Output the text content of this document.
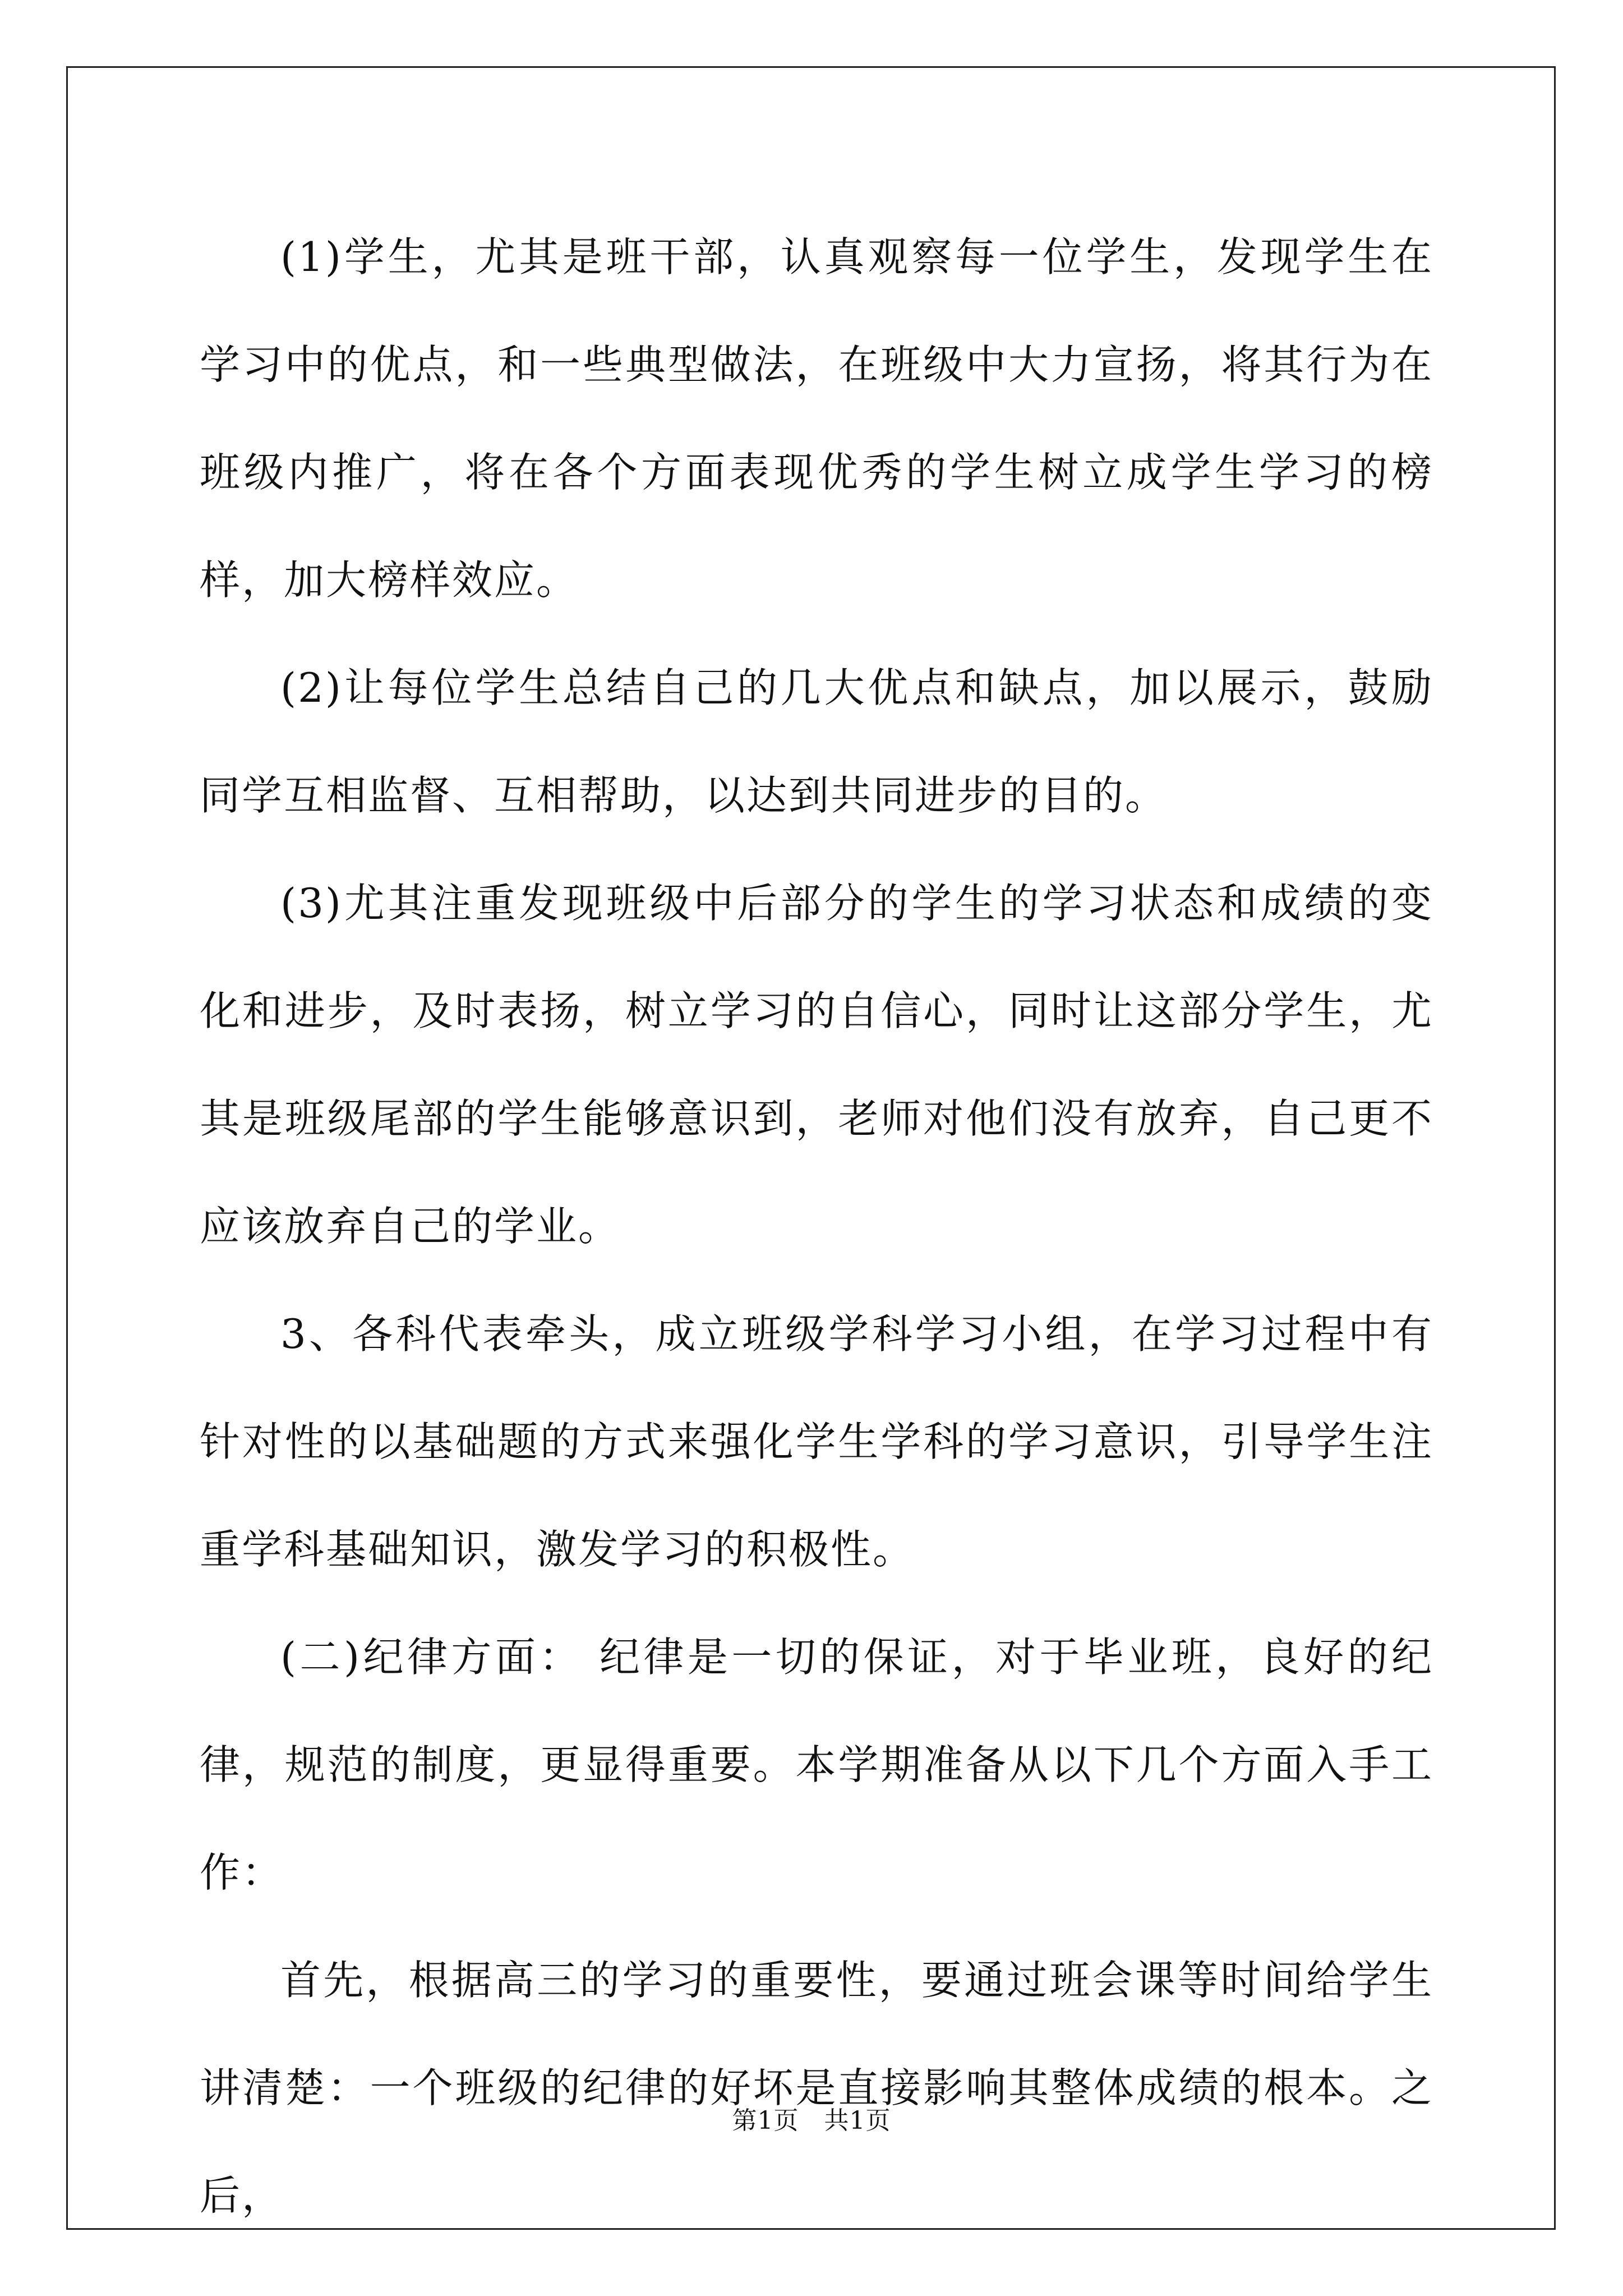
(1)学生，尤其是班干部，认真观察每一位学生，发现学生在学习中的优点，和一些典型做法，在班级中大力宣扬，将其行为在班级内推广，将在各个方面表现优秀的学生树立成学生学习的榜样，加大榜样效应。

(2)让每位学生总结自己的几大优点和缺点，加以展示，鼓励同学互相监督、互相帮助，以达到共同进步的目的。

(3)尤其注重发现班级中后部分的学生的学习状态和成绩的变化和进步，及时表扬，树立学习的自信心，同时让这部分学生，尤其是班级尾部的学生能够意识到，老师对他们没有放弃，自己更不应该放弃自己的学业。

3、各科代表牵头，成立班级学科学习小组，在学习过程中有针对性的以基础题的方式来强化学生学科的学习意识，引导学生注重学科基础知识，激发学习的积极性。

(二)纪律方面： 纪律是一切的保证，对于毕业班，良好的纪律，规范的制度，更显得重要。本学期准备从以下几个方面入手工作：

首先，根据高三的学习的重要性，要通过班会课等时间给学生讲清楚：一个班级的纪律的好坏是直接影响其整体成绩的根本。之后，

第1页　共1页
